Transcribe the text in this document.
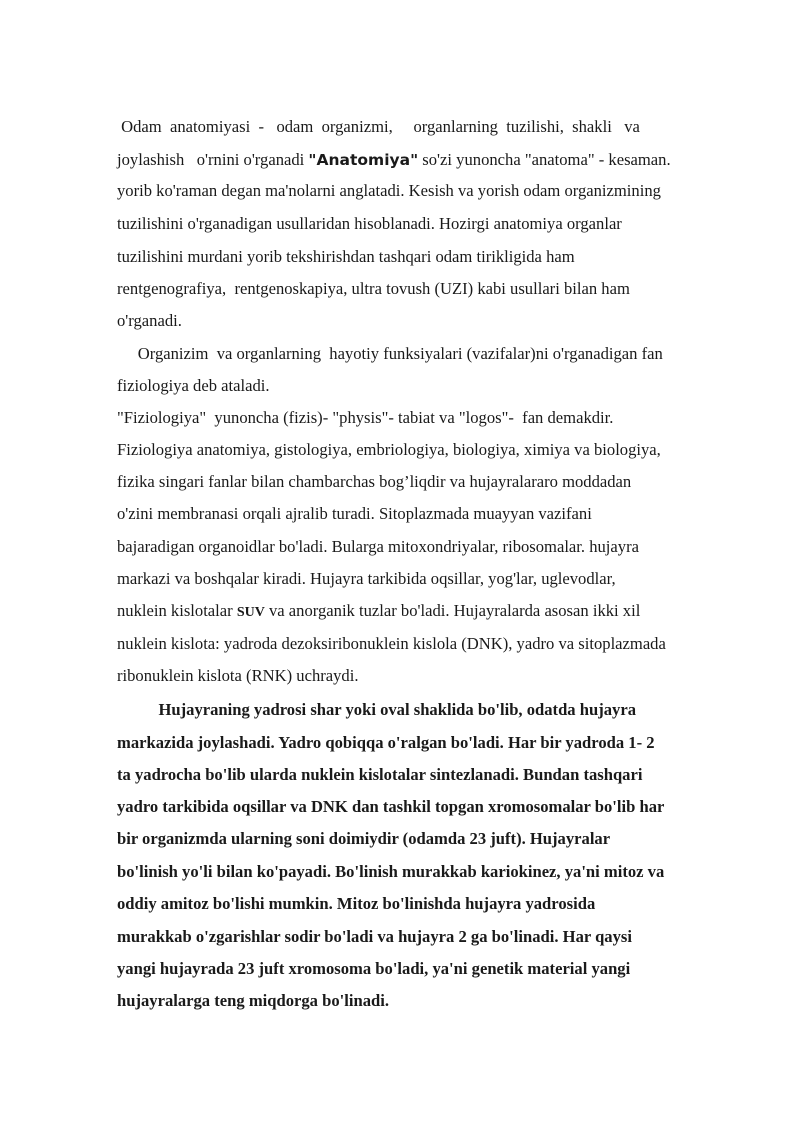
Odam  anatomiyasi  -   odam  organizmi,     organlarning  tuzilishi,  shakli   va
joylashish   o'rnini o'rganadi "Anatomiya" so'zi yunoncha "anatoma" - kesaman.
yorib ko'raman degan ma'nolarni anglatadi. Kesish va yorish odam organizmining
tuzilishini o'rganadigan usullaridan hisoblanadi. Hozirgi anatomiya organlar
tuzilishini murdani yorib tekshirishdan tashqari odam tirikligida ham
rentgenografiya,  rentgenoskapiya, ultra tovush (UZI) kabi usullari bilan ham
o'rganadi.
Organizim  va organlarning  hayotiy funksiyalari (vazifalar)ni o'rganadigan fan
fiziologiya deb ataladi.
"Fiziologiya"  yunoncha (fizis)- "physis"- tabiat va "logos"-  fan demakdir.
Fiziologiya anatomiya, gistologiya, embriologiya, biologiya, ximiya va biologiya,
fizika singari fanlar bilan chambarchas bog’liqdir va hujayralararo moddadan
o'zini membranasi orqali ajralib turadi. Sitoplazmada muayyan vazifani
bajaradigan organoidlar bo'ladi. Bularga mitoxondriyalar, ribosomalar. hujayra
markazi va boshqalar kiradi. Hujayra tarkibida oqsillar, yog'lar, uglevodlar,
nuklein kislotalar SUV va anorganik tuzlar bo'ladi. Hujayralarda asosan ikki xil
nuklein kislota: yadroda dezoksiribonuklein kislola (DNK), yadro va sitoplazmada
ribonuklein kislota (RNK) uchraydi.
Hujayraning yadrosi shar yoki oval shaklida bo'lib, odatda hujayra
markazida joylashadi. Yadro qobiqqa o'ralgan bo'ladi. Har bir yadroda 1- 2
ta yadrocha bo'lib ularda nuklein kislotalar sintezlanadi. Bundan tashqari
yadro tarkibida oqsillar va DNK dan tashkil topgan xromosomalar bo'lib har
bir organizmda ularning soni doimiydir (odamda 23 juft). Hujayralar
bo'linish yo'li bilan ko'payadi. Bo'linish murakkab kariokinez, ya'ni mitoz va
oddiy amitoz bo'lishi mumkin. Mitoz bo'linishda hujayra yadrosida
murakkab o'zgarishlar sodir bo'ladi va hujayra 2 ga bo'linadi. Har qaysi
yangi hujayrada 23 juft xromosoma bo'ladi, ya'ni genetik material yangi
hujayralarga teng miqdorga bo'linadi.
